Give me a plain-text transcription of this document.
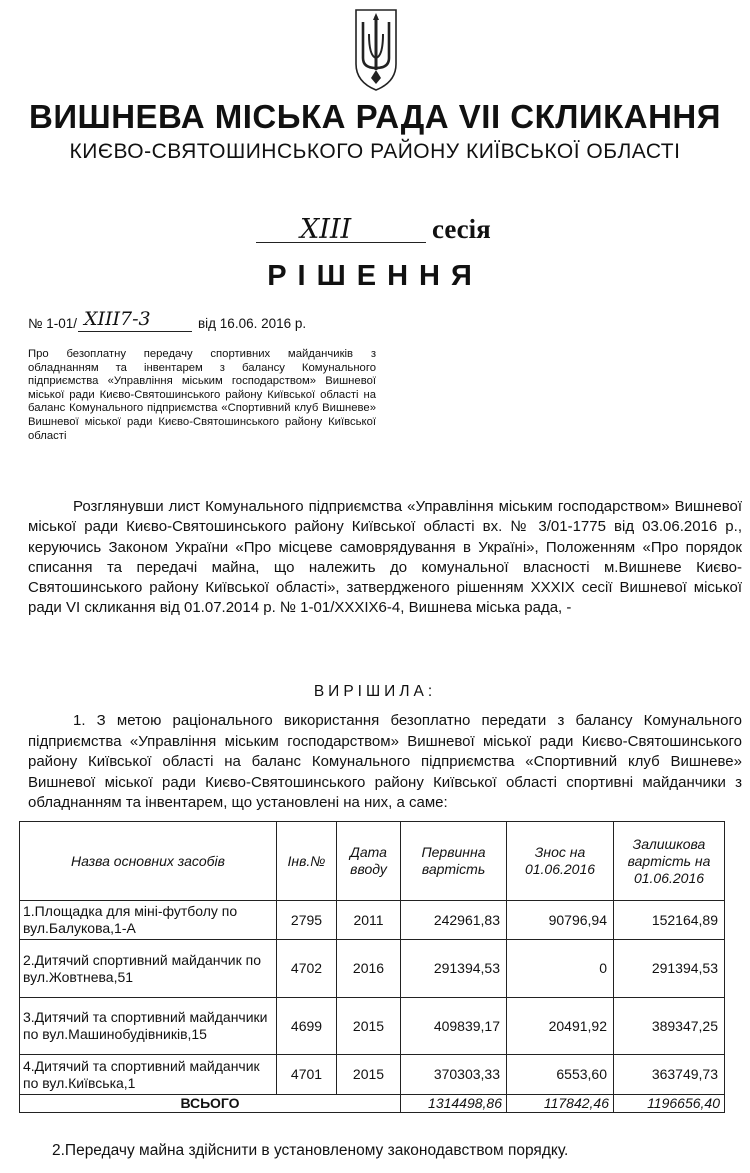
ВИШНЕВА МІСЬКА РАДА VII СКЛИКАННЯ
КИЄВО-СВЯТОШИНСЬКОГО РАЙОНУ КИЇВСЬКОЇ ОБЛАСТІ
XIII	сесія
РІШЕННЯ
№ 1-01/ XIII7-3	від 16.06. 2016 р.
Про безоплатну передачу спортивних майданчиків з обладнанням та інвентарем з балансу Комунального підприємства «Управління міським господарством» Вишневої міської ради Києво-Святошинського району Київської області на баланс Комунального підприємства «Спортивний клуб Вишневе» Вишневої міської ради Києво-Святошинського району Київської області
Розглянувши лист Комунального підприємства «Управління міським господарством» Вишневої міської ради Києво-Святошинського району Київської області вх. № 3/01-1775 від 03.06.2016 р., керуючись Законом України «Про місцеве самоврядування в Україні», Положенням «Про порядок списання та передачі майна, що належить до комунальної власності м.Вишневе Києво-Святошинського району Київської області», затвердженого рішенням XXXIX сесії Вишневої міської ради VI скликання від 01.07.2014 р. № 1-01/XXXIX6-4, Вишнева міська рада, -
ВИРІШИЛА:
1. З метою раціонального використання безоплатно передати з балансу Комунального підприємства «Управління міським господарством» Вишневої міської ради Києво-Святошинського району Київської області на баланс Комунального підприємства «Спортивний клуб Вишневе» Вишневої міської ради Києво-Святошинського району Київської області спортивні майданчики з обладнанням та інвентарем, що установлені на них, а саме:
Назва основних засобів	Інв.№	Дата вводу	Первинна вартість	Знос на 01.06.2016	Залишкова вартість на 01.06.2016
1.Площадка для міні-футболу по вул.Балукова,1-А	2795	2011	242961,83	90796,94	152164,89
2.Дитячий спортивний майданчик по вул.Жовтнева,51	4702	2016	291394,53	0	291394,53
3.Дитячий та спортивний майданчики по вул.Машинобудівників,15	4699	2015	409839,17	20491,92	389347,25
4.Дитячий та спортивний майданчик по вул.Київська,1	4701	2015	370303,33	6553,60	363749,73
ВСЬОГО			1314498,86	117842,46	1196656,40
2.Передачу майна здійснити в установленому законодавством порядку.
